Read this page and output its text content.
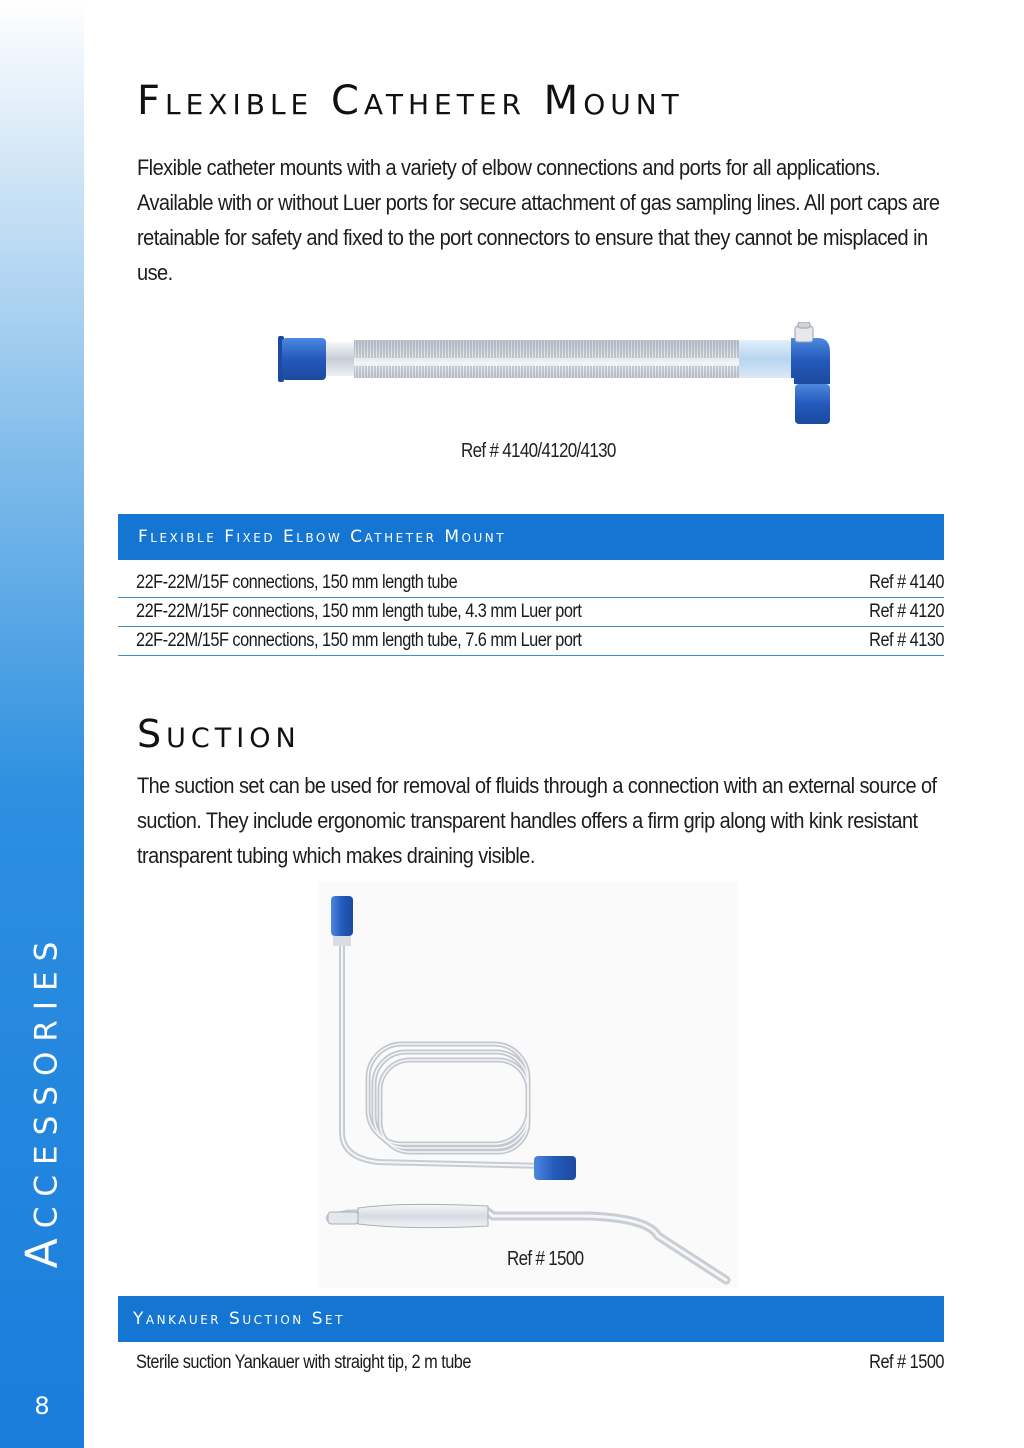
Accessories
8
Flexible Catheter Mount

Flexible catheter mounts with a variety of elbow connections and ports for all applications. Available with or without Luer ports for secure attachment of gas sampling lines. All port caps are retainable for safety and fixed to the port connectors to ensure that they cannot be misplaced in use.

Ref # 4140/4120/4130
Flexible Fixed Elbow Catheter Mount
22F-22M/15F connections, 150 mm length tube	Ref # 4140
22F-22M/15F connections, 150 mm length tube, 4.3 mm Luer port	Ref # 4120
22F-22M/15F connections, 150 mm length tube, 7.6 mm Luer port	Ref # 4130
Suction

The suction set can be used for removal of fluids through a connection with an external source of suction. They include ergonomic transparent handles offers a firm grip along with kink resistant transparent tubing which makes draining visible.

Ref # 1500
Yankauer Suction Set
Sterile suction Yankauer with straight tip, 2 m tube	Ref # 1500
